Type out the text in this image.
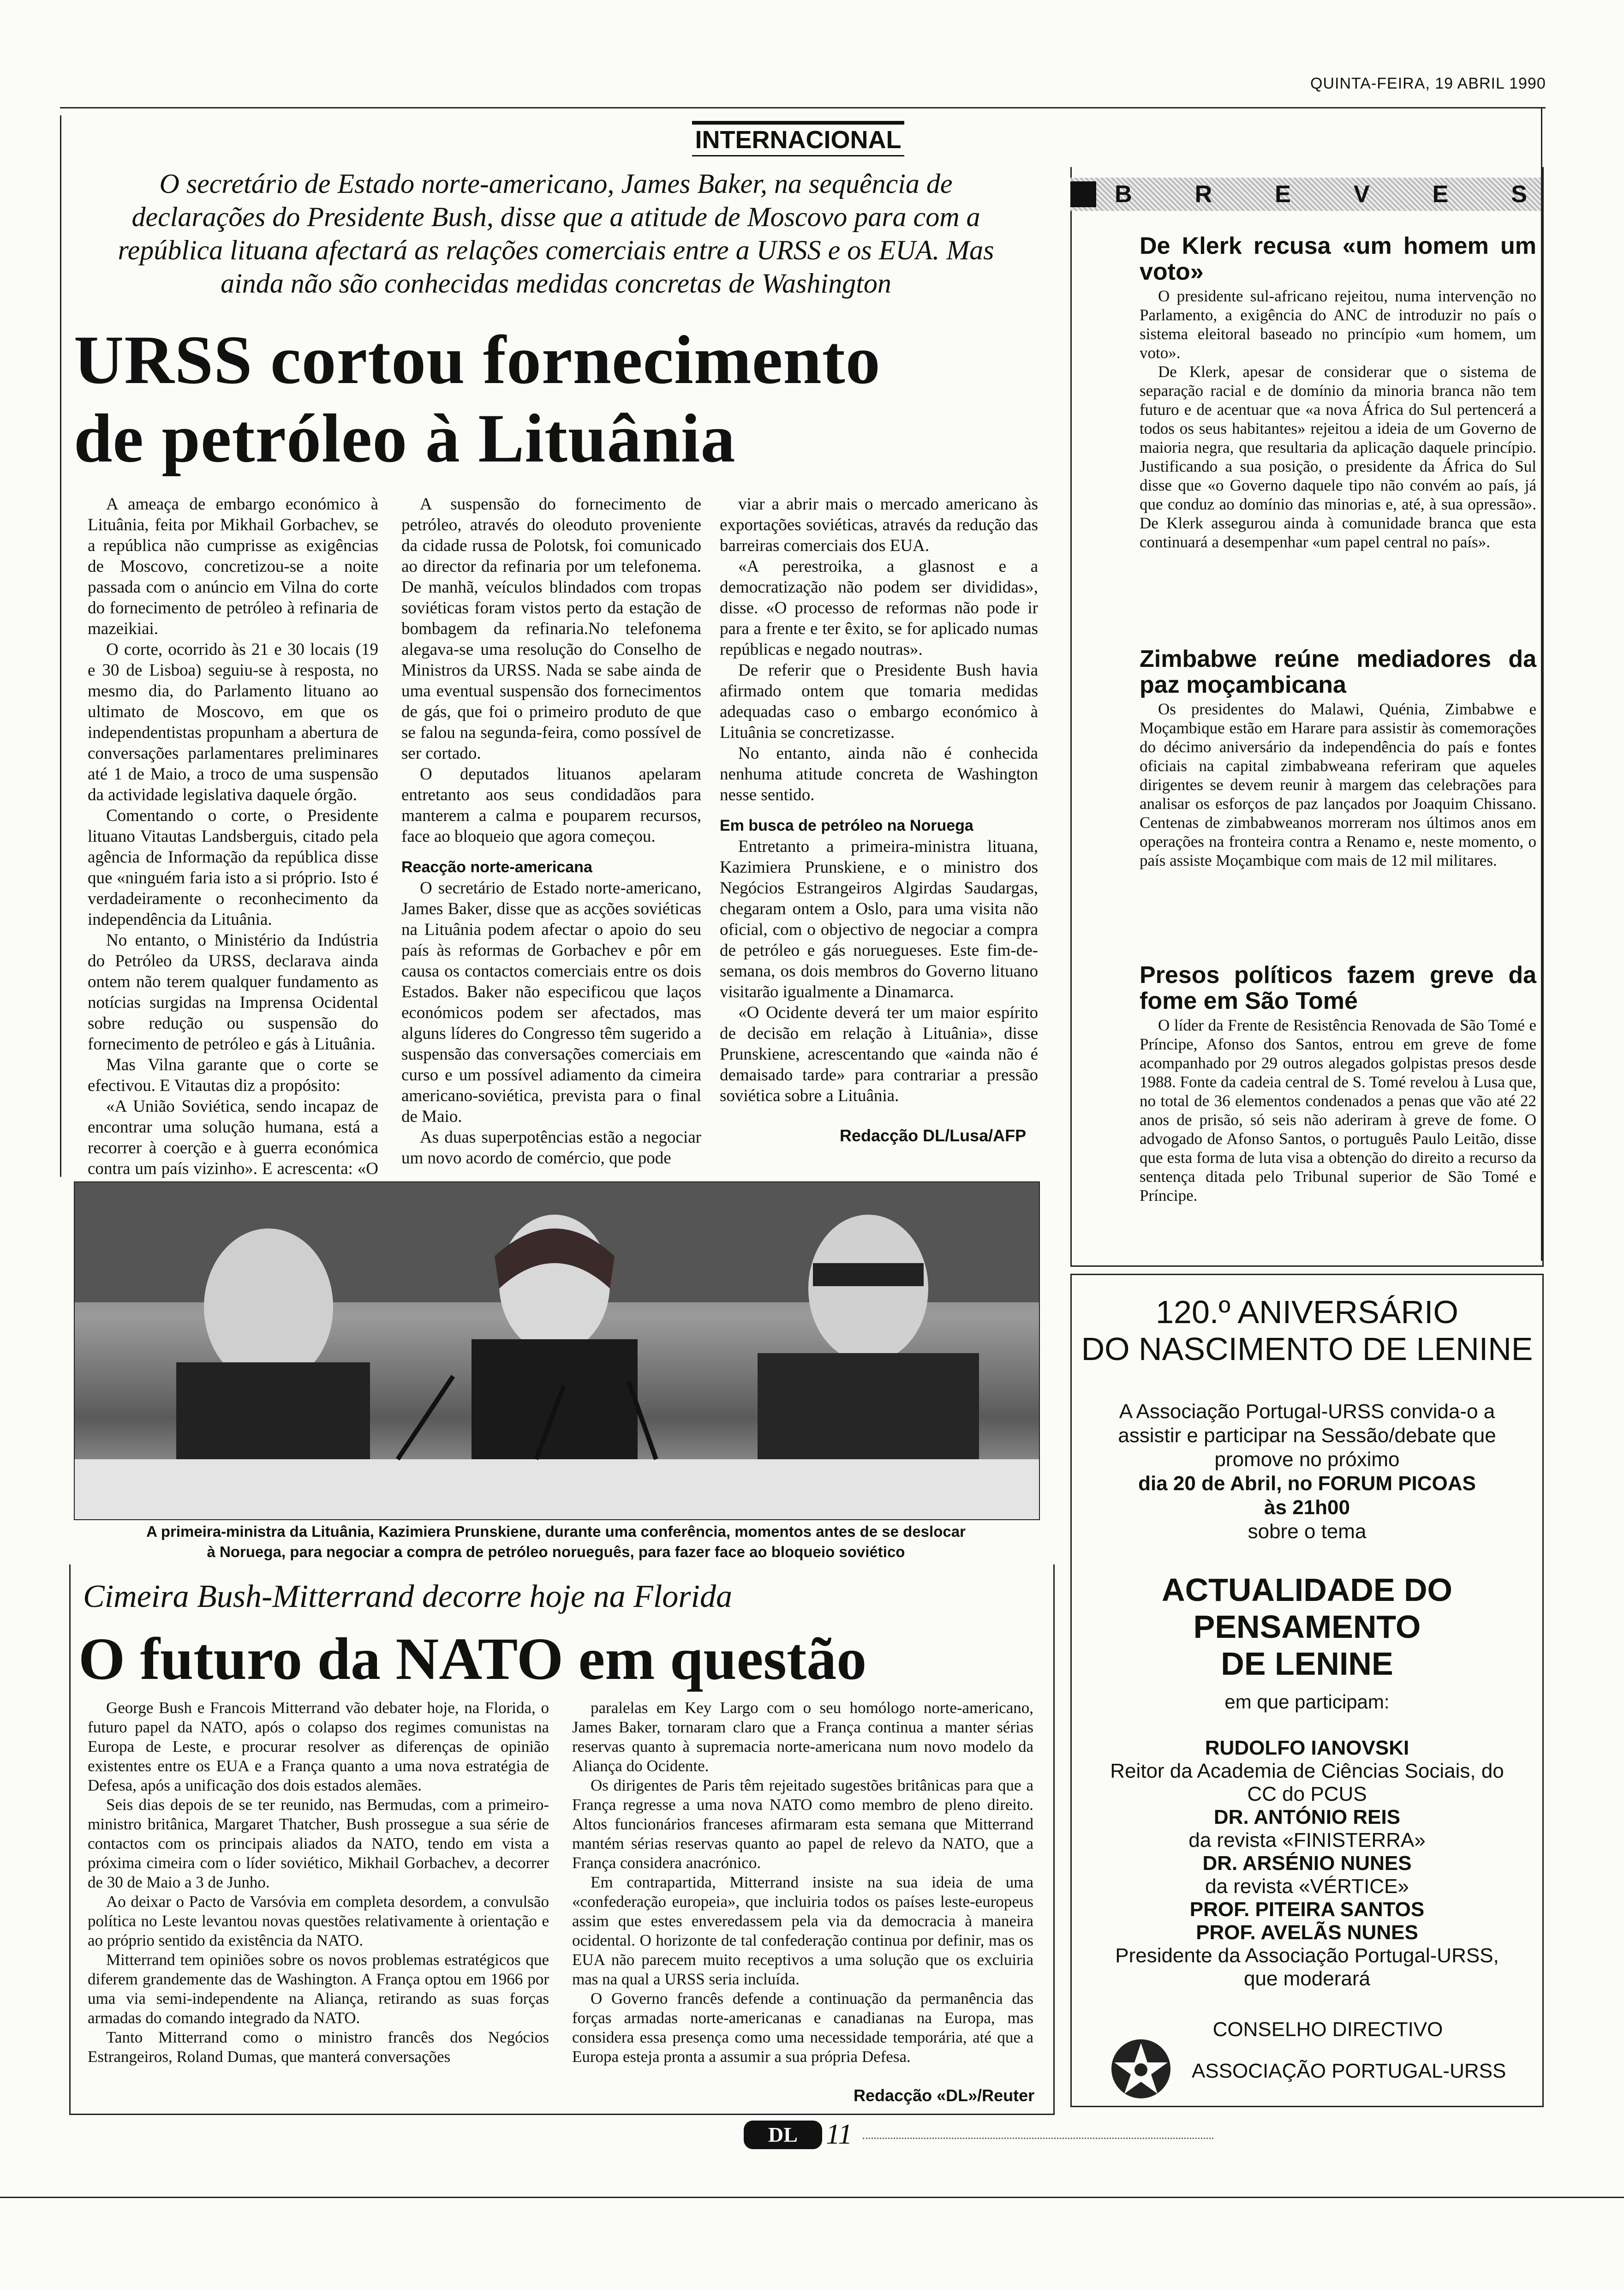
QUINTA-FEIRA, 19 ABRIL 1990
INTERNACIONAL
O secretário de Estado norte-americano, James Baker, na sequência de declarações do Presidente Bush, disse que a atitude de Moscovo para com a república lituana afectará as relações comerciais entre a URSS e os EUA. Mas ainda não são conhecidas medidas concretas de Washington
URSS cortou fornecimento
de petróleo à Lituânia

A ameaça de embargo económico à Lituânia, feita por Mikhail Gorbachev, se a república não cumprisse as exigências de Moscovo, concretizou-se a noite passada com o anúncio em Vilna do corte do fornecimento de petróleo à refinaria de mazeikiai.

O corte, ocorrido às 21 e 30 locais (19 e 30 de Lisboa) seguiu-se à resposta, no mesmo dia, do Parlamento lituano ao ultimato de Moscovo, em que os independentistas propunham a abertura de conversações parlamentares preliminares até 1 de Maio, a troco de uma suspensão da actividade legislativa daquele órgão.

Comentando o corte, o Presidente lituano Vitautas Landsberguis, citado pela agência de Informação da república disse que «ninguém faria isto a si próprio. Isto é verdadeiramente o reconhecimento da independência da Lituânia.

No entanto, o Ministério da Indústria do Petróleo da URSS, declarava ainda ontem não terem qualquer fundamento as notícias surgidas na Imprensa Ocidental sobre redução ou suspensão do fornecimento de petróleo e gás à Lituânia.

Mas Vilna garante que o corte se efectivou. E Vitautas diz a propósito:

«A União Soviética, sendo incapaz de encontrar uma solução humana, está a recorrer à coerção e à guerra económica contra um país vizinho». E acrescenta: «O

A suspensão do fornecimento de petróleo, através do oleoduto proveniente da cidade russa de Polotsk, foi comunicado ao director da refinaria por um telefonema. De manhã, veículos blindados com tropas soviéticas foram vistos perto da estação de bombagem da refinaria.No telefonema alegava-se uma resolução do Conselho de Ministros da URSS. Nada se sabe ainda de uma eventual suspensão dos fornecimentos de gás, que foi o primeiro produto de que se falou na segunda-feira, como possível de ser cortado.

O deputados lituanos apelaram entretanto aos seus condidadãos para manterem a calma e pouparem recursos, face ao bloqueio que agora começou.

Reacção norte-americana

O secretário de Estado norte-americano, James Baker, disse que as acções soviéticas na Lituânia podem afectar o apoio do seu país às reformas de Gorbachev e pôr em causa os contactos comerciais entre os dois Estados. Baker não especificou que laços económicos podem ser afectados, mas alguns líderes do Congresso têm sugerido a suspensão das conversações comerciais em curso e um possível adiamento da cimeira americano-soviética, prevista para o final de Maio.

As duas superpotências estão a negociar um novo acordo de comércio, que pode

viar a abrir mais o mercado americano às exportações soviéticas, através da redução das barreiras comerciais dos EUA.

«A perestroika, a glasnost e a democratização não podem ser divididas», disse. «O processo de reformas não pode ir para a frente e ter êxito, se for aplicado numas repúblicas e negado noutras».

De referir que o Presidente Bush havia afirmado ontem que tomaria medidas adequadas caso o embargo económico à Lituânia se concretizasse.

No entanto, ainda não é conhecida nenhuma atitude concreta de Washington nesse sentido.

Em busca de petróleo na Noruega

Entretanto a primeira-ministra lituana, Kazimiera Prunskiene, e o ministro dos Negócios Estrangeiros Algirdas Saudargas, chegaram ontem a Oslo, para uma visita não oficial, com o objectivo de negociar a compra de petróleo e gás noruegueses. Este fim-de-semana, os dois membros do Governo lituano visitarão igualmente a Dinamarca.

«O Ocidente deverá ter um maior espírito de decisão em relação à Lituânia», disse Prunskiene, acrescentando que «ainda não é demaisado tarde» para contrariar a pressão soviética sobre a Lituânia.

Redacção DL/Lusa/AFP
A primeira-ministra da Lituânia, Kazimiera Prunskiene, durante uma conferência, momentos antes de se deslocar
à Noruega, para negociar a compra de petróleo norueguês, para fazer face ao bloqueio soviético
Cimeira Bush-Mitterrand decorre hoje na Florida
O futuro da NATO em questão

George Bush e Francois Mitterrand vão debater hoje, na Florida, o futuro papel da NATO, após o colapso dos regimes comunistas na Europa de Leste, e procurar resolver as diferenças de opinião existentes entre os EUA e a França quanto a uma nova estratégia de Defesa, após a unificação dos dois estados alemães.

Seis dias depois de se ter reunido, nas Bermudas, com a primeiro-ministro britânica, Margaret Thatcher, Bush prossegue a sua série de contactos com os principais aliados da NATO, tendo em vista a próxima cimeira com o líder soviético, Mikhail Gorbachev, a decorrer de 30 de Maio a 3 de Junho.

Ao deixar o Pacto de Varsóvia em completa desordem, a convulsão política no Leste levantou novas questões relativamente à orientação e ao próprio sentido da existência da NATO.

Mitterrand tem opiniões sobre os novos problemas estratégicos que diferem grandemente das de Washington. A França optou em 1966 por uma via semi-independente na Aliança, retirando as suas forças armadas do comando integrado da NATO.

Tanto Mitterrand como o ministro francês dos Negócios Estrangeiros, Roland Dumas, que manterá conversações

paralelas em Key Largo com o seu homólogo norte-americano, James Baker, tornaram claro que a França continua a manter sérias reservas quanto à supremacia norte-americana num novo modelo da Aliança do Ocidente.

Os dirigentes de Paris têm rejeitado sugestões britânicas para que a França regresse a uma nova NATO como membro de pleno direito. Altos funcionários franceses afirmaram esta semana que Mitterrand mantém sérias reservas quanto ao papel de relevo da NATO, que a França considera anacrónico.

Em contrapartida, Mitterrand insiste na sua ideia de uma «confederação europeia», que incluiria todos os países leste-europeus assim que estes enveredassem pela via da democracia à maneira ocidental. O horizonte de tal confederação continua por definir, mas os EUA não parecem muito receptivos a uma solução que os excluiria mas na qual a URSS seria incluída.

O Governo francês defende a continuação da permanência das forças armadas norte-americanas e canadianas na Europa, mas considera essa presença como uma necessidade temporária, até que a Europa esteja pronta a assumir a sua própria Defesa.

Redacção «DL»/Reuter
B	R	E	V	E	S
De Klerk recusa «um homem um voto»

O presidente sul-africano rejeitou, numa intervenção no Parlamento, a exigência do ANC de introduzir no país o sistema eleitoral baseado no princípio «um homem, um voto».

De Klerk, apesar de considerar que o sistema de separação racial e de domínio da minoria branca não tem futuro e de acentuar que «a nova África do Sul pertencerá a todos os seus habitantes» rejeitou a ideia de um Governo de maioria negra, que resultaria da aplicação daquele princípio. Justificando a sua posição, o presidente da África do Sul disse que «o Governo daquele tipo não convém ao país, já que conduz ao domínio das minorias e, até, à sua opressão». De Klerk assegurou ainda à comunidade branca que esta continuará a desempenhar «um papel central no país».

Zimbabwe reúne mediadores da paz moçambicana

Os presidentes do Malawi, Quénia, Zimbabwe e Moçambique estão em Harare para assistir às comemorações do décimo aniversário da independência do país e fontes oficiais na capital zimbabweana referiram que aqueles dirigentes se devem reunir à margem das celebrações para analisar os esforços de paz lançados por Joaquim Chissano. Centenas de zimbabweanos morreram nos últimos anos em operações na fronteira contra a Renamo e, neste momento, o país assiste Moçambique com mais de 12 mil militares.

Presos políticos fazem greve da fome em São Tomé

O líder da Frente de Resistência Renovada de São Tomé e Príncipe, Afonso dos Santos, entrou em greve de fome acompanhado por 29 outros alegados golpistas presos desde 1988. Fonte da cadeia central de S. Tomé revelou à Lusa que, no total de 36 elementos condenados a penas que vão até 22 anos de prisão, só seis não aderiram à greve de fome. O advogado de Afonso Santos, o português Paulo Leitão, disse que esta forma de luta visa a obtenção do direito a recurso da sentença ditada pelo Tribunal superior de São Tomé e Príncipe.

120.º ANIVERSÁRIO
DO NASCIMENTO DE LENINE
A Associação Portugal-URSS convida-o a
assistir e participar na Sessão/debate que
promove no próximo
dia 20 de Abril, no FORUM PICOAS
às 21h00
sobre o tema
ACTUALIDADE DO PENSAMENTO
DE LENINE
em que participam:
RUDOLFO IANOVSKI
Reitor da Academia de Ciências Sociais, do
CC do PCUS
DR. ANTÓNIO REIS
da revista «FINISTERRA»
DR. ARSÉNIO NUNES
da revista «VÉRTICE»
PROF. PITEIRA SANTOS
PROF. AVELÃS NUNES
Presidente da Associação Portugal-URSS,
que moderará
CONSELHO DIRECTIVO
ASSOCIAÇÃO PORTUGAL-URSS
DL 11
